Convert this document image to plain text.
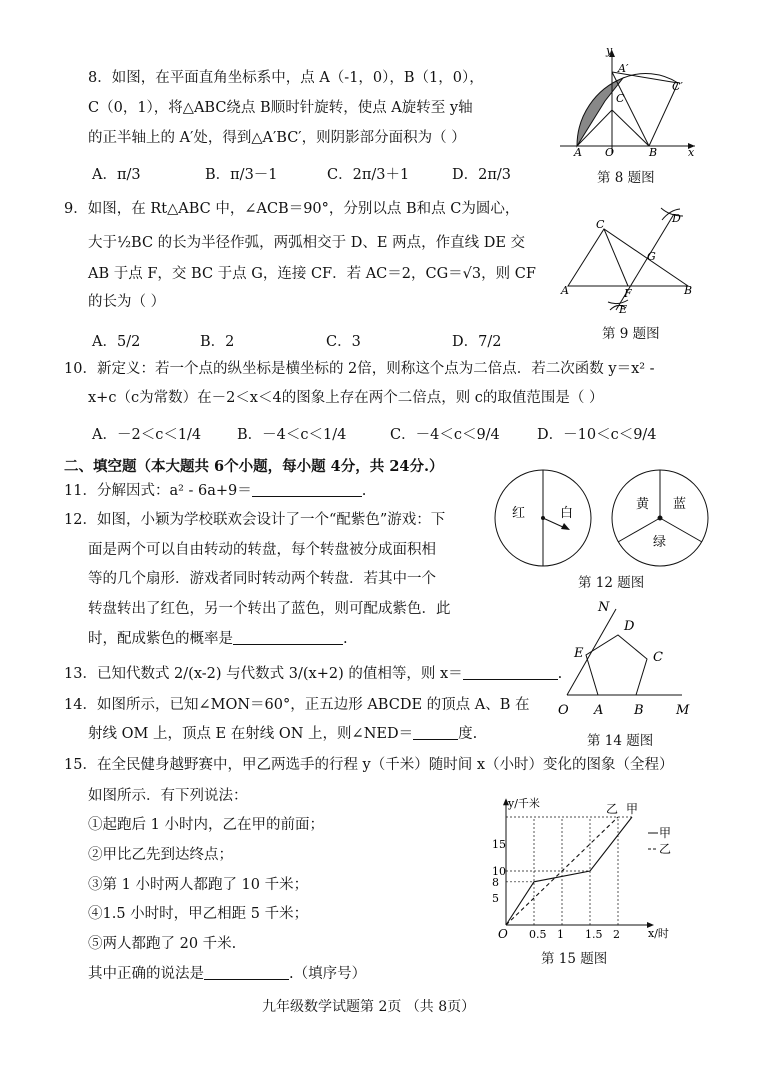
8．如图，在平面直角坐标系中，点 A（-1，0），B（1，0），
C（0，1），将△ABC绕点 B顺时针旋转，使点 A旋转至 y轴
的正半轴上的 A′处，得到△A′BC′，则阴影部分面积为（ ）
A．π/3	B．π/3－1	C．2π/3＋1	D．2π/3
y
x
A′
C′
C
A O	B
第 8 题图
9．如图，在 Rt△ABC 中，∠ACB＝90°，分别以点 B和点 C为圆心，
大于½BC 的长为半径作弧，两弧相交于 D、E 两点，作直线 DE 交
AB 于点 F，交 BC 于点 G，连接 CF．若 AC＝2，CG＝√3，则 CF
的长为（ ）
A．5/2	B．2	C．3	D．7/2
C	D
G
A	F	B
E
第 9 题图
10．新定义：若一个点的纵坐标是横坐标的 2倍，则称这个点为二倍点．若二次函数 y＝x² -
x+c（c为常数）在－2＜x＜4的图象上存在两个二倍点，则 c的取值范围是（ ）
A．－2＜c＜1/4 B．－4＜c＜1/4	C．－4＜c＜9/4	D．－10＜c＜9/4
二、填空题（本大题共 6个小题，每小题 4分，共 24分.）
11．分解因式：a² - 6a+9＝	.
12．如图，小颖为学校联欢会设计了一个“配紫色”游戏：下
面是两个可以自由转动的转盘，每个转盘被分成面积相
等的几个扇形．游戏者同时转动两个转盘．若其中一个
转盘转出了红色，另一个转出了蓝色，则可配成紫色．此
时，配成紫色的概率是	.
红	白
黄 蓝
绿
第 12 题图
13．已知代数式 2/(x-2) 与代数式 3/(x+2) 的值相等，则 x＝	.
14．如图所示，已知∠MON＝60°，正五边形 ABCDE 的顶点 A、B 在
射线 OM 上，顶点 E 在射线 ON 上，则∠NED＝	度.
N
D
E	C
O A B M
第 14 题图
15．在全民健身越野赛中，甲乙两选手的行程 y（千米）随时间 x（小时）变化的图象（全程）
如图所示．有下列说法：
①起跑后 1 小时内，乙在甲的前面；
②甲比乙先到达终点；
③第 1 小时两人都跑了 10 千米；
④1.5 小时时，甲乙相距 5 千米；
⑤两人都跑了 20 千米.
其中正确的说法是	.（填序号）
O
y/千米
x/时
0.5 1 1.5 2
5
8
10
15
乙 甲
甲
乙
第 15 题图
九年级数学试题第 2页 （共 8页）
